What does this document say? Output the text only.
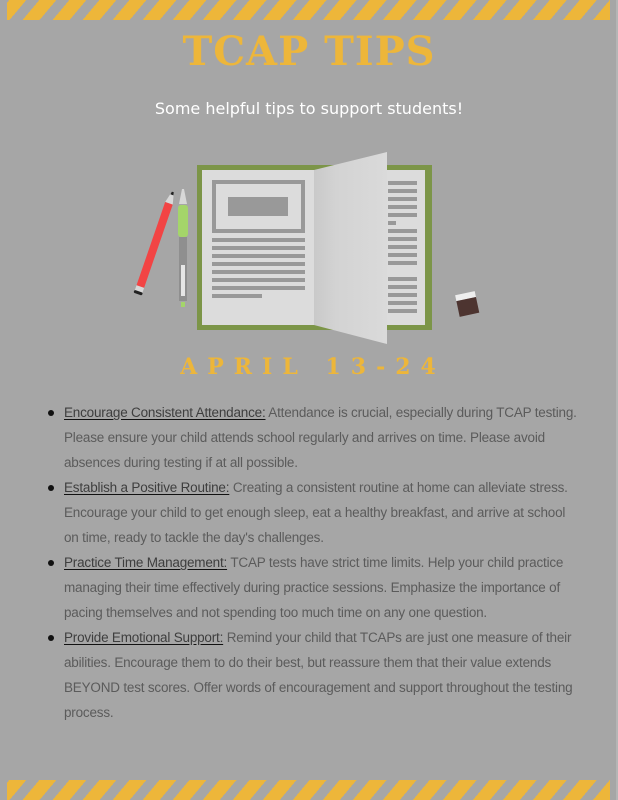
TCAP TIPS
Some helpful tips to support students!
APRIL 13-24
Encourage Consistent Attendance: Attendance is crucial, especially during TCAP testing. Please ensure your child attends school regularly and arrives on time. Please avoid absences during testing if at all possible.
Establish a Positive Routine: Creating a consistent routine at home can alleviate stress. Encourage your child to get enough sleep, eat a healthy breakfast, and arrive at school on time, ready to tackle the day's challenges.
Practice Time Management: TCAP tests have strict time limits. Help your child practice managing their time effectively during practice sessions. Emphasize the importance of pacing themselves and not spending too much time on any one question.
Provide Emotional Support: Remind your child that TCAPs are just one measure of their abilities. Encourage them to do their best, but reassure them that their value extends BEYOND test scores. Offer words of encouragement and support throughout the testing process.
